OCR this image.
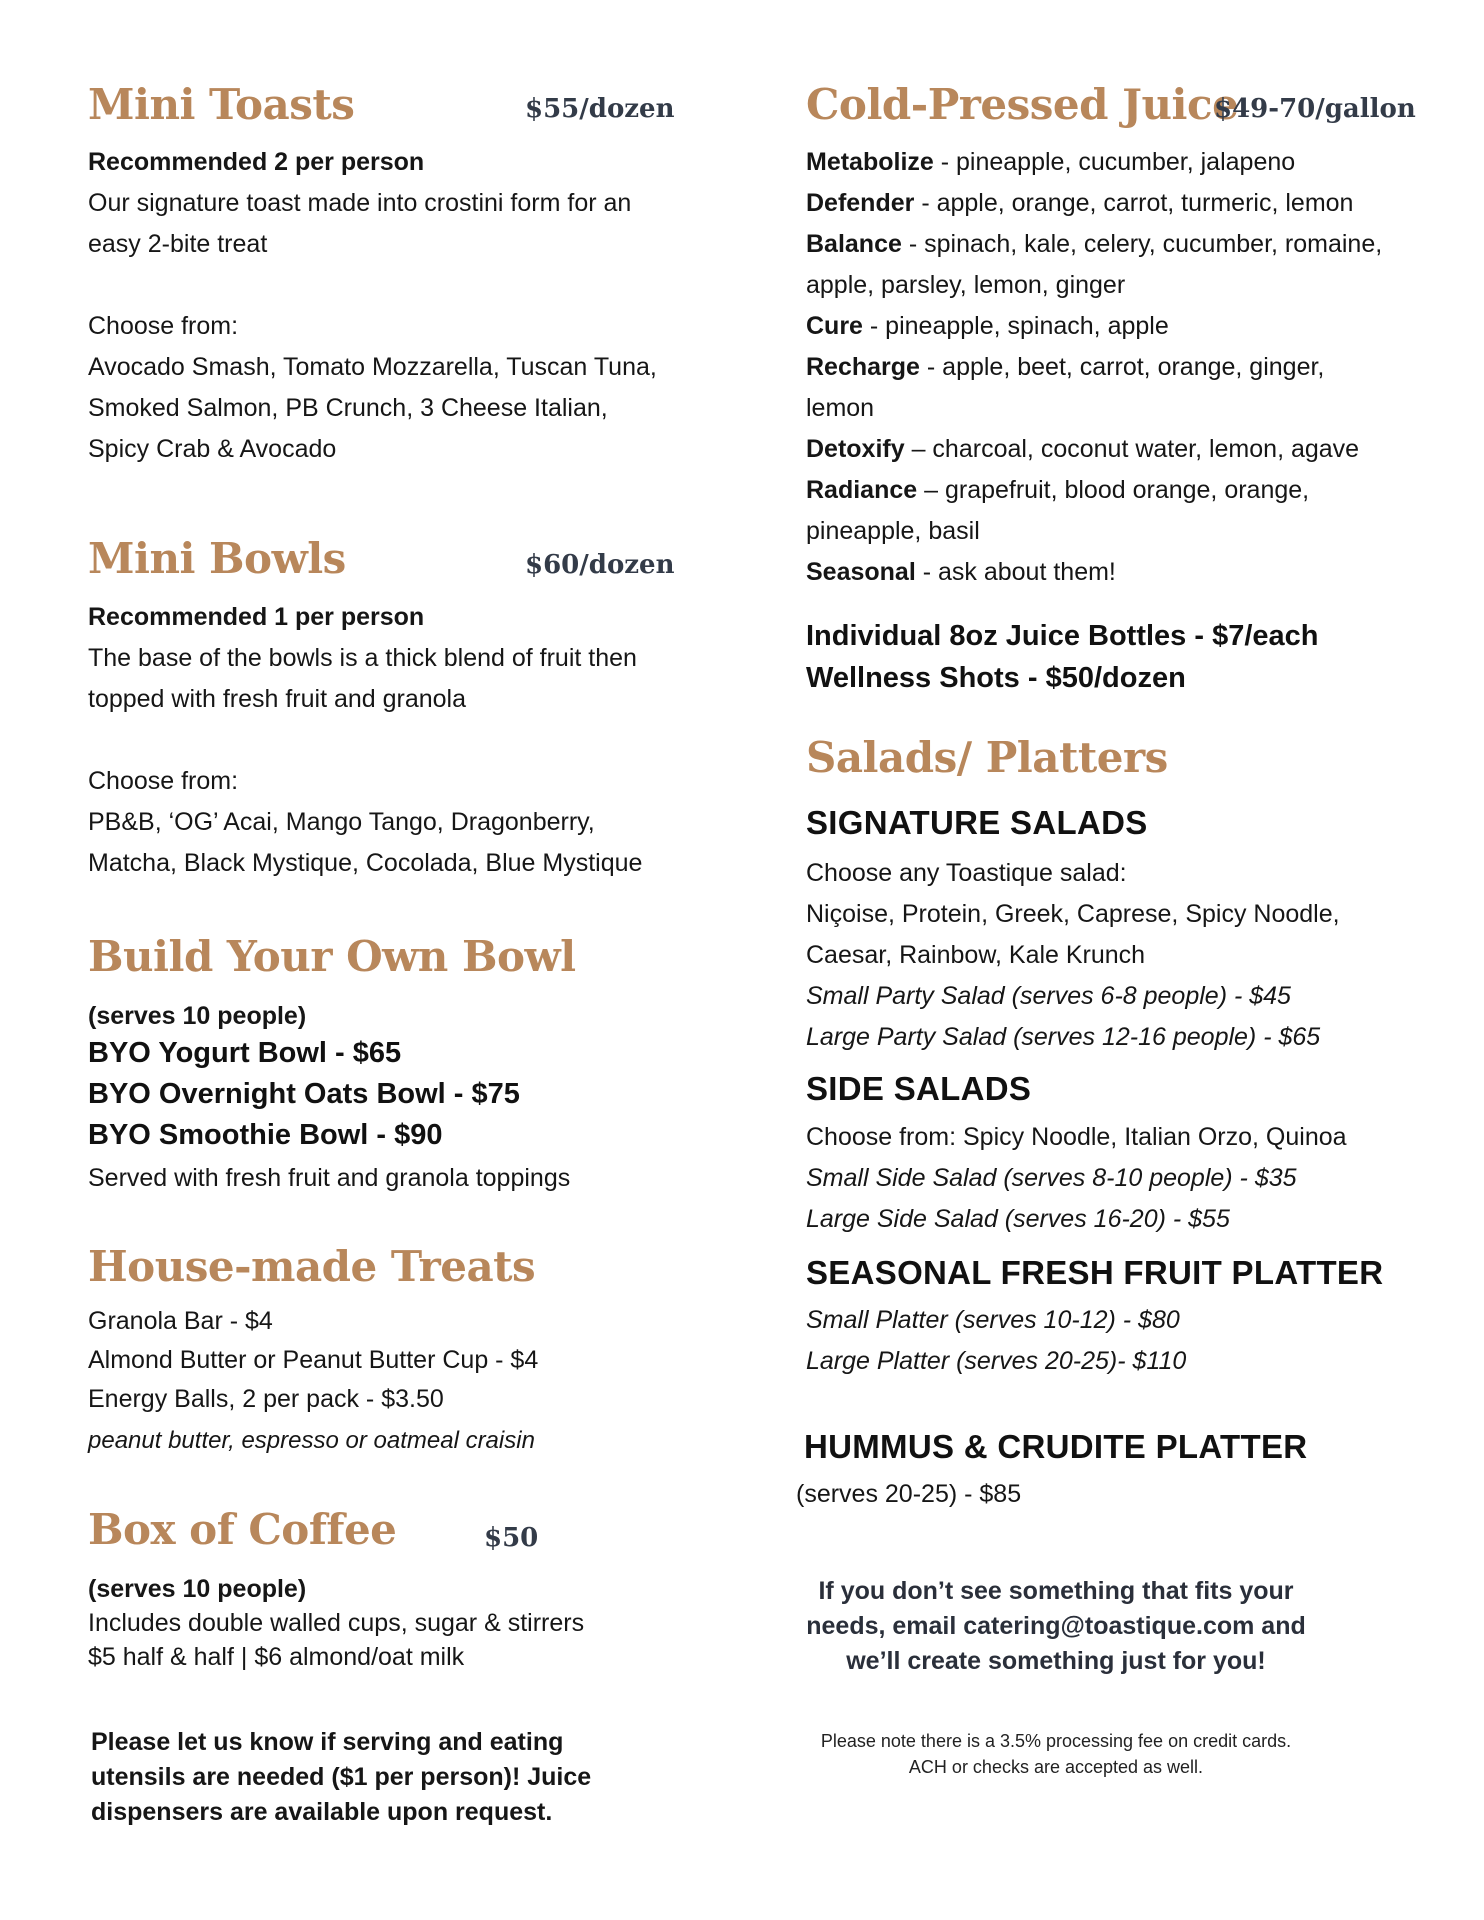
Mini Toasts	$55/dozen
Recommended 2 per person
Our signature toast made into crostini form for an
easy 2-bite treat
Choose from:
Avocado Smash, Tomato Mozzarella, Tuscan Tuna,
Smoked Salmon, PB Crunch, 3 Cheese Italian,
Spicy Crab & Avocado
Mini Bowls	$60/dozen
Recommended 1 per person
The base of the bowls is a thick blend of fruit then
topped with fresh fruit and granola
Choose from:
PB&B, ‘OG’ Acai, Mango Tango, Dragonberry,
Matcha, Black Mystique, Cocolada, Blue Mystique
Build Your Own Bowl
(serves 10 people)
BYO Yogurt Bowl - $65
BYO Overnight Oats Bowl - $75
BYO Smoothie Bowl - $90
Served with fresh fruit and granola toppings
House-made Treats
Granola Bar - $4
Almond Butter or Peanut Butter Cup - $4
Energy Balls, 2 per pack - $3.50
peanut butter, espresso or oatmeal craisin
Box of Coffee	$50
(serves 10 people)
Includes double walled cups, sugar & stirrers
$5 half & half | $6 almond/oat milk
Please let us know if serving and eating
utensils are needed ($1 per person)! Juice
dispensers are available upon request.
Cold-Pressed Juice
$49-70/gallon
Metabolize - pineapple, cucumber, jalapeno
Defender - apple, orange, carrot, turmeric, lemon
Balance - spinach, kale, celery, cucumber, romaine,
apple, parsley, lemon, ginger
Cure - pineapple, spinach, apple
Recharge - apple, beet, carrot, orange, ginger,
lemon
Detoxify – charcoal, coconut water, lemon, agave
Radiance – grapefruit, blood orange, orange,
pineapple, basil
Seasonal - ask about them!
Individual 8oz Juice Bottles - $7/each
Wellness Shots - $50/dozen
Salads/ Platters
SIGNATURE SALADS
Choose any Toastique salad:
Niçoise, Protein, Greek, Caprese, Spicy Noodle,
Caesar, Rainbow, Kale Krunch
Small Party Salad (serves 6-8 people) - $45
Large Party Salad (serves 12-16 people) - $65
SIDE SALADS
Choose from: Spicy Noodle, Italian Orzo, Quinoa
Small Side Salad (serves 8-10 people) - $35
Large Side Salad (serves 16-20) - $55
SEASONAL FRESH FRUIT PLATTER
Small Platter (serves 10-12) - $80
Large Platter (serves 20-25)- $110
HUMMUS & CRUDITE PLATTER
(serves 20-25) - $85
If you don’t see something that fits your
needs, email catering@toastique.com and
we’ll create something just for you!
Please note there is a 3.5% processing fee on credit cards.
ACH or checks are accepted as well.
